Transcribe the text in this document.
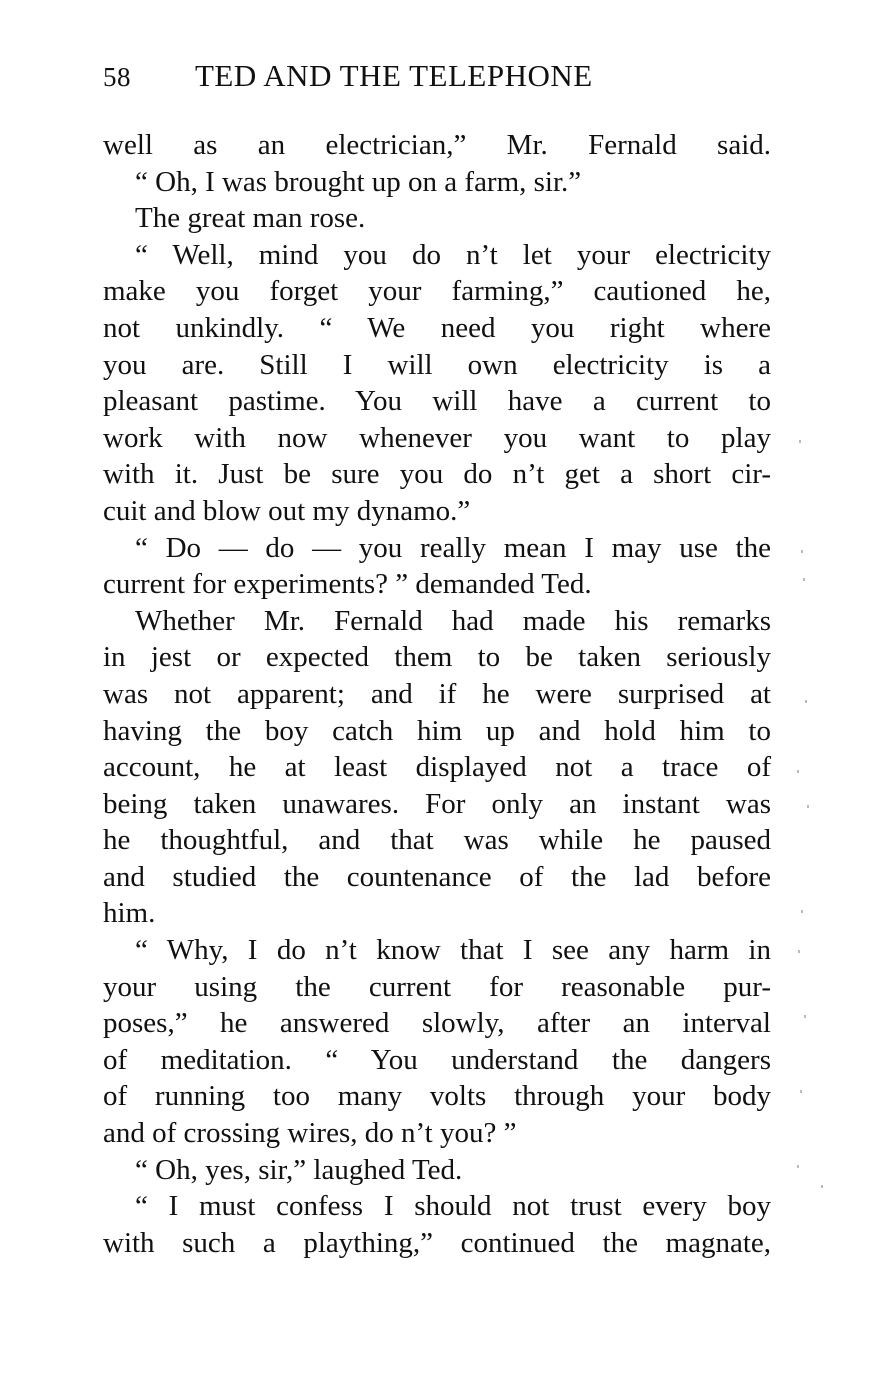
58 TED AND THE TELEPHONE
well as an electrician,” Mr. Fernald said.
“ Oh, I was brought up on a farm, sir.”
The great man rose.
“ Well, mind you do n’t let your electricity
make you forget your farming,” cautioned he,
not unkindly. “ We need you right where
you are. Still I will own electricity is a
pleasant pastime. You will have a current to
work with now whenever you want to play
with it. Just be sure you do n’t get a short cir-
cuit and blow out my dynamo.”
“ Do — do — you really mean I may use the
current for experiments? ” demanded Ted.
Whether Mr. Fernald had made his remarks
in jest or expected them to be taken seriously
was not apparent; and if he were surprised at
having the boy catch him up and hold him to
account, he at least displayed not a trace of
being taken unawares. For only an instant was
he thoughtful, and that was while he paused
and studied the countenance of the lad before
him.
“ Why, I do n’t know that I see any harm in
your using the current for reasonable pur-
poses,” he answered slowly, after an interval
of meditation. “ You understand the dangers
of running too many volts through your body
and of crossing wires, do n’t you? ”
“ Oh, yes, sir,” laughed Ted.
“ I must confess I should not trust every boy
with such a plaything,” continued the magnate,
